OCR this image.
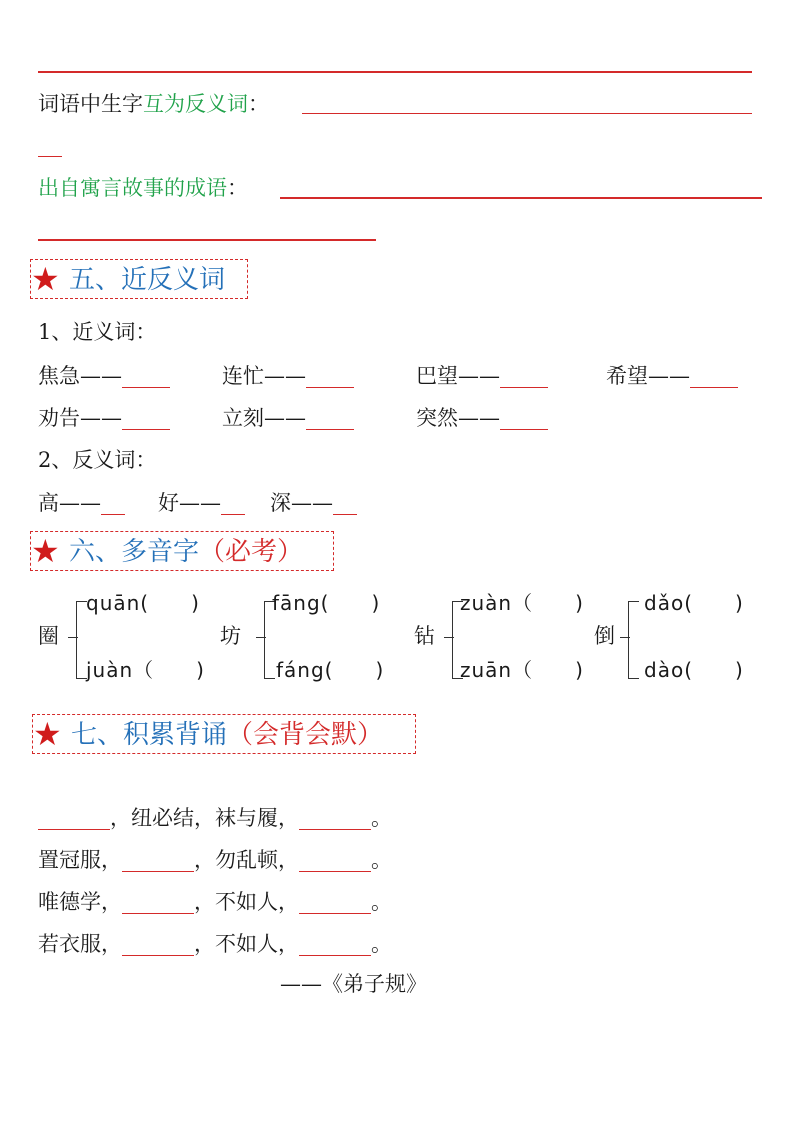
词语中生字互为反义词：
出自寓言故事的成语：
★ 五、近反义词
1、近义词：
焦急——	连忙——	巴望——	希望——
劝告——	立刻——	突然——
2、反义词：
高——	好——	深——
★ 六、多音字（必考）
圈
quān(　　)
juàn（　　)
坊
fāng(　　)
fáng(　　)
钻
zuàn（　　)
zuān（　　)
倒
dǎo(　　)
dào(　　)
★ 七、积累背诵（会背会默）
，纽必结，袜与履，	。
置冠服，	，勿乱顿，	。
唯德学，	，不如人，	。
若衣服，	，不如人，	。
——《弟子规》
